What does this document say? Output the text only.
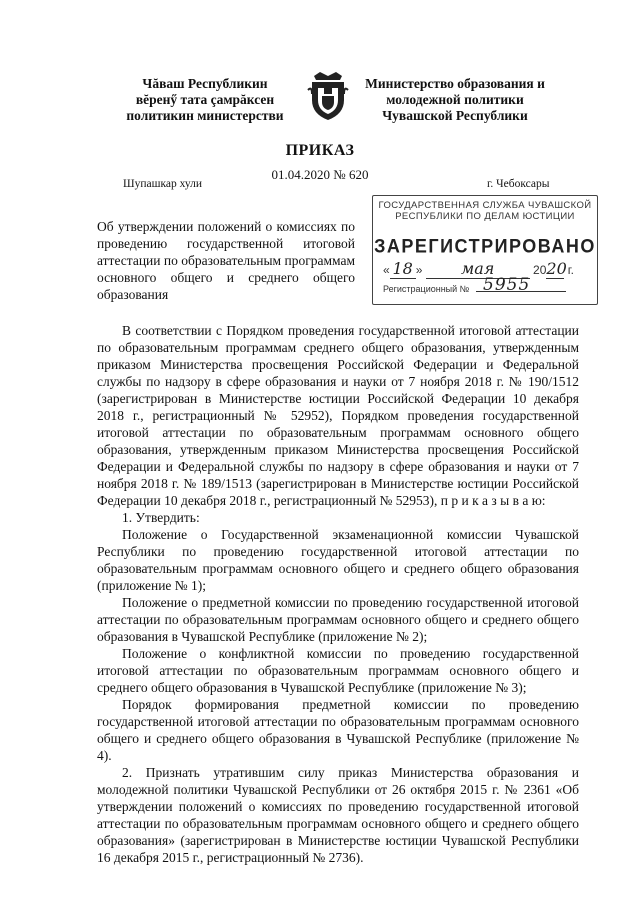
Чăваш Республикин
вĕренӳ тата çамрăксен
политикин министерстви
Министерство образования и
молодежной политики
Чувашской Республики
ПРИКАЗ
01.04.2020 № 620
Шупашкар хули	г. Чебоксары
Об утверждении положений о комиссиях по
проведению государственной итоговой
аттестации по образовательным программам
основного общего и среднего общего
образования
ГОСУДАРСТВЕННАЯ СЛУЖБА ЧУВАШСКОЙ
РЕСПУБЛИКИ ПО ДЕЛАМ ЮСТИЦИИ
ЗАРЕГИСТРИРОВАНО
« 18 » мая	2020 г.
Регистрационный № 5955

В соответствии с Порядком проведения государственной итоговой аттестации по образовательным программам среднего общего образования, утвержденным приказом Министерства просвещения Российской Федерации и Федеральной службы по надзору в сфере образования и науки от 7 ноября 2018 г. № 190/1512 (зарегистрирован в Министерстве юстиции Российской Федерации 10 декабря 2018 г., регистрационный № 52952), Порядком проведения государственной итоговой аттестации по образовательным программам основного общего образования, утвержденным приказом Министерства просвещения Российской Федерации и Федеральной службы по надзору в сфере образования и науки от 7 ноября 2018 г. № 189/1513 (зарегистрирован в Министерстве юстиции Российской Федерации 10 декабря 2018 г., регистрационный № 52953), п р и к а з ы в а ю:

1. Утвердить:

Положение о Государственной экзаменационной комиссии Чувашской Республики по проведению государственной итоговой аттестации по образовательным программам основного общего и среднего общего образования (приложение № 1);

Положение о предметной комиссии по проведению государственной итоговой аттестации по образовательным программам основного общего и среднего общего образования в Чувашской Республике (приложение № 2);

Положение о конфликтной комиссии по проведению государственной итоговой аттестации по образовательным программам основного общего и среднего общего образования в Чувашской Республике (приложение № 3);

Порядок формирования предметной комиссии по проведению государственной итоговой аттестации по образовательным программам основного общего и среднего общего образования в Чувашской Республике (приложение № 4).

2. Признать утратившим силу приказ Министерства образования и молодежной политики Чувашской Республики от 26 октября 2015 г. № 2361 «Об утверждении положений о комиссиях по проведению государственной итоговой аттестации по образовательным программам основного общего и среднего общего образования» (зарегистрирован в Министерстве юстиции Чувашской Республики 16 декабря 2015 г., регистрационный № 2736).
